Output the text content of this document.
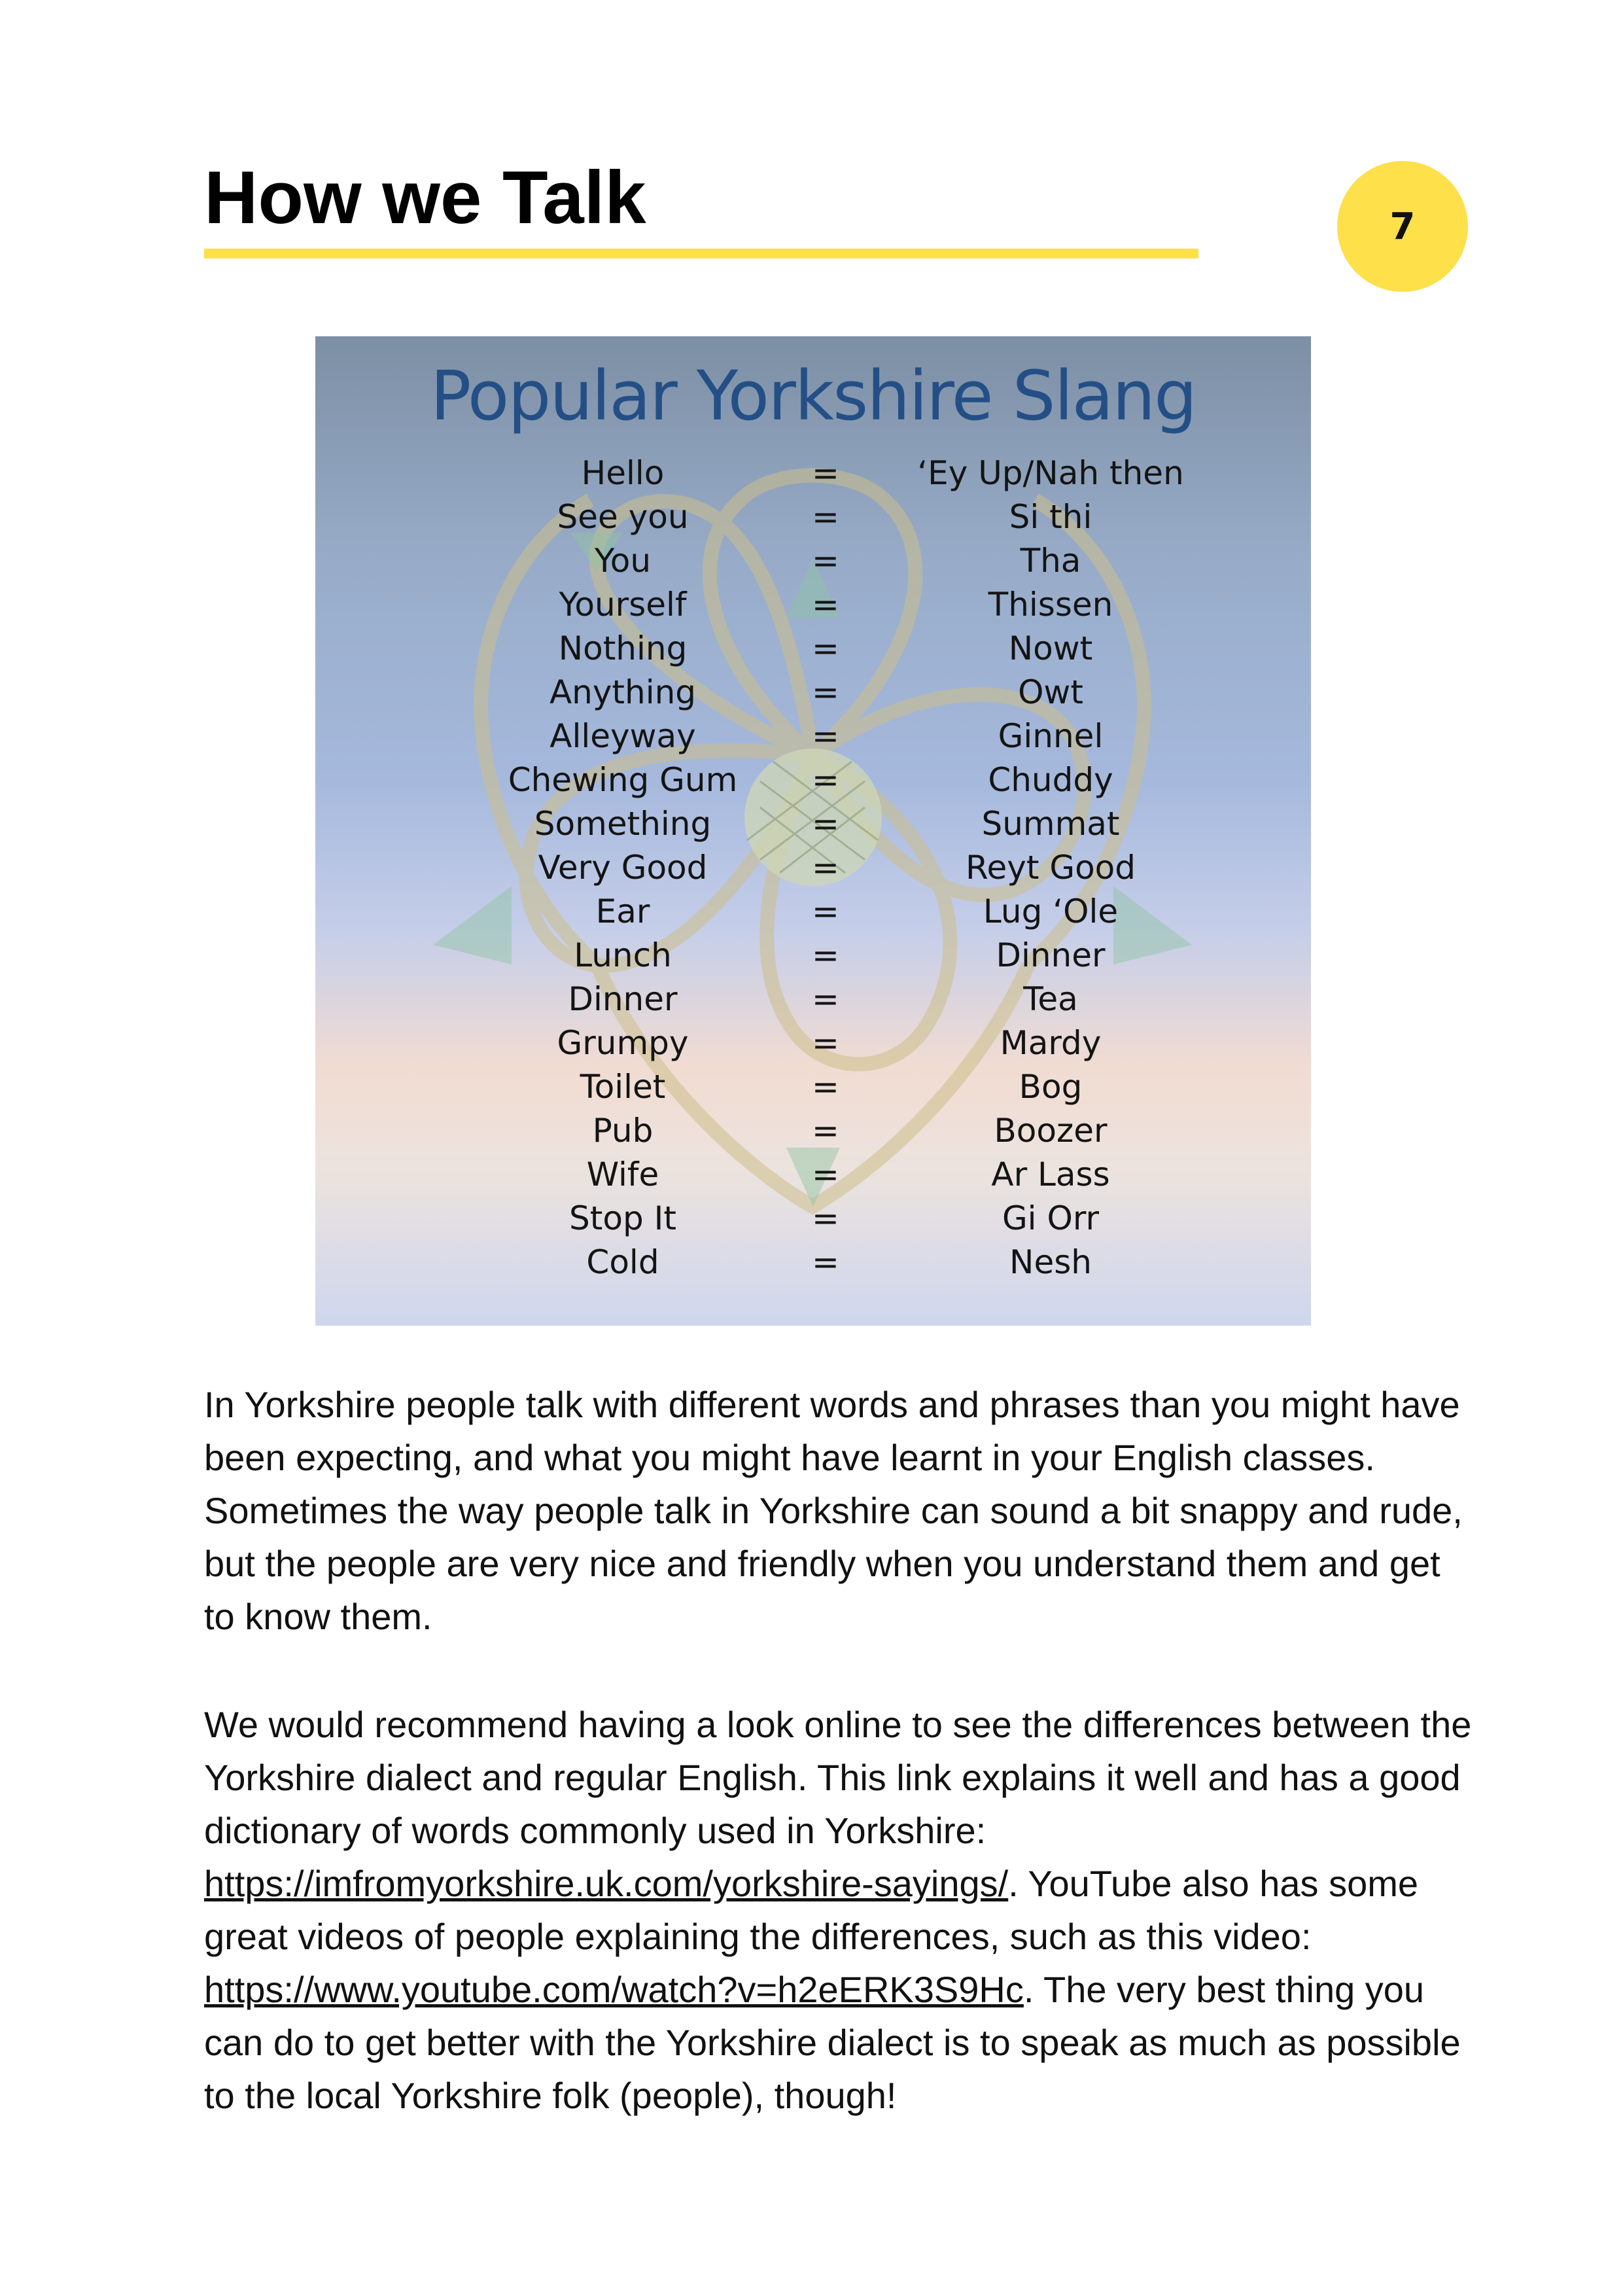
How we Talk	7
Popular Yorkshire Slang
Hello	= ‘Ey Up/Nah then
See you	=	Si thi
You	=	Tha
Yourself	=	Thissen
Nothing	=	Nowt
Anything	=	Owt
Alleyway	=	Ginnel
Chewing Gum =	Chuddy
Something	=	Summat
Very Good	=	Reyt Good
Ear	=	Lug ‘Ole
Lunch	=	Dinner
Dinner	=	Tea
Grumpy	=	Mardy
Toilet	=	Bog
Pub	=	Boozer
Wife	=	Ar Lass
Stop It	=	Gi Orr
Cold	=	Nesh

In Yorkshire people talk with different words and phrases than you might have been expecting, and what you might have learnt in your English classes. Sometimes the way people talk in Yorkshire can sound a bit snappy and rude, but the people are very nice and friendly when you understand them and get to know them.

We would recommend having a look online to see the differences between the Yorkshire dialect and regular English. This link explains it well and has a good dictionary of words commonly used in Yorkshire: https://imfromyorkshire.uk.com/yorkshire-sayings/. YouTube also has some great videos of people explaining the differences, such as this video: https://www.youtube.com/watch?v=h2eERK3S9Hc. The very best thing you can do to get better with the Yorkshire dialect is to speak as much as possible to the local Yorkshire folk (people), though!
